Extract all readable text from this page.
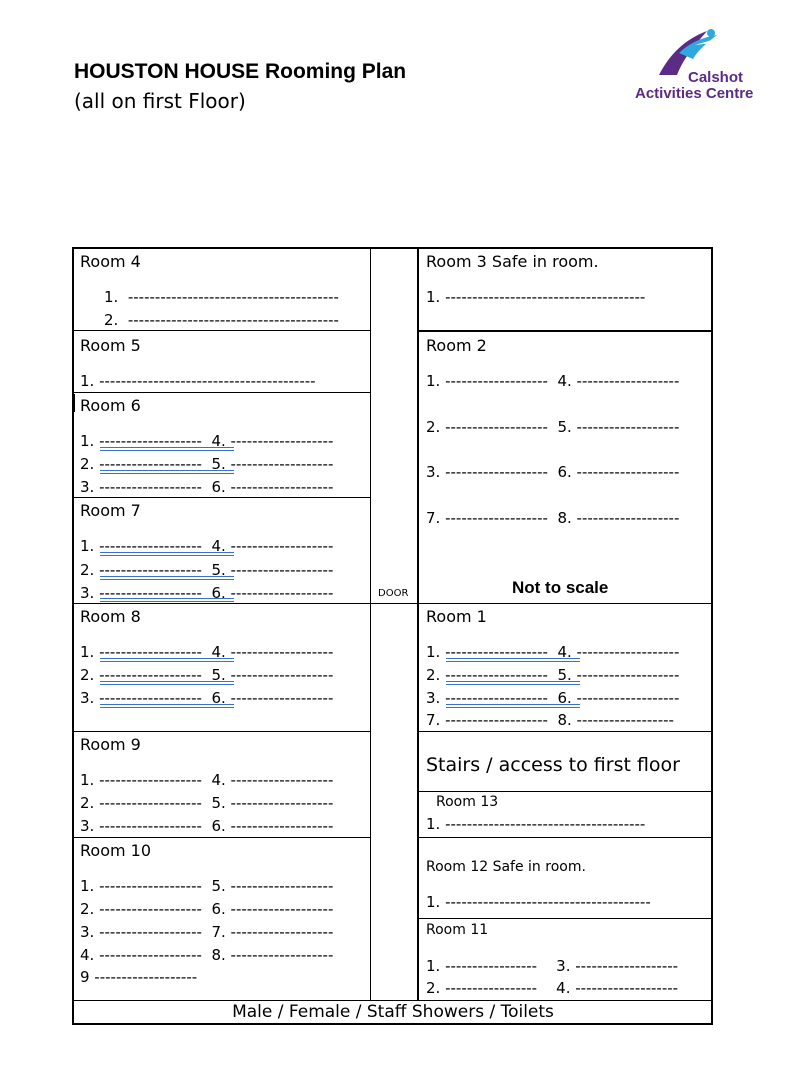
HOUSTON HOUSE Rooming Plan
(all on first Floor)
Calshot
Activities Centre
Room 4
1.  ---------------------------------------
2.  ---------------------------------------
Room 5
1. ----------------------------------------
Room 6
1. -------------------  4. -------------------
2. -------------------  5. -------------------
3. -------------------  6. -------------------
Room 7
1. -------------------  4. -------------------
2. -------------------  5. -------------------
3. -------------------  6. -------------------
Room 8
1. -------------------  4. -------------------
2. -------------------  5. -------------------
3. -------------------  6. -------------------
Room 9
1. -------------------  4. -------------------
2. -------------------  5. -------------------
3. -------------------  6. -------------------
Room 10
1. -------------------  5. -------------------
2. -------------------  6. -------------------
3. -------------------  7. -------------------
4. -------------------  8. -------------------
9 -------------------
Room 3 Safe in room.
1. -------------------------------------
Room 2
1. -------------------  4. -------------------
2. -------------------  5. -------------------
3. -------------------  6. -------------------
7. -------------------  8. -------------------
Not to scale
DOOR
Room 1
1. -------------------  4. -------------------
2. -------------------  5. -------------------
3. -------------------  6. -------------------
7. -------------------  8. ------------------
Stairs / access to first floor
Room 13
1. -------------------------------------
Room 12 Safe in room.
1. --------------------------------------
Room 11
1. -----------------    3. -------------------
2. -----------------    4. -------------------
Male / Female / Staff Showers / Toilets
